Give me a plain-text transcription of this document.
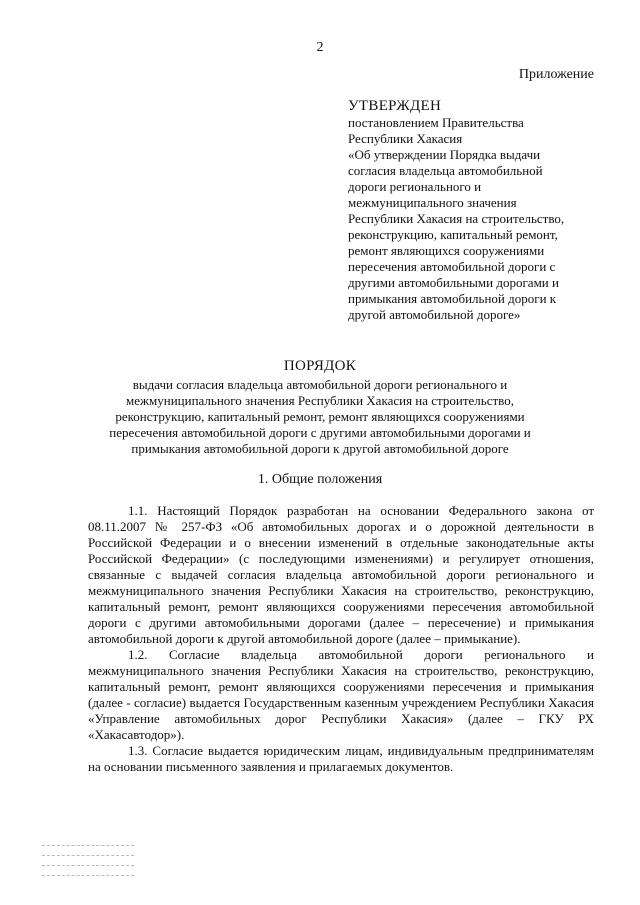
2
Приложение
УТВЕРЖДЕН
постановлением Правительства
Республики Хакасия
«Об утверждении Порядка выдачи
согласия владельца автомобильной
дороги регионального и
межмуниципального значения
Республики Хакасия на строительство,
реконструкцию, капитальный ремонт,
ремонт являющихся сооружениями
пересечения автомобильной дороги с
другими автомобильными дорогами и
примыкания автомобильной дороги к
другой автомобильной дороге»
ПОРЯДОК
выдачи согласия владельца автомобильной дороги регионального и
межмуниципального значения Республики Хакасия на строительство,
реконструкцию, капитальный ремонт, ремонт являющихся сооружениями
пересечения автомобильной дороги с другими автомобильными дорогами и
примыкания автомобильной дороги к другой автомобильной дороге
1. Общие положения

1.1. Настоящий Порядок разработан на основании Федерального закона от 08.11.2007 № 257-ФЗ «Об автомобильных дорогах и о дорожной деятельности в Российской Федерации и о внесении изменений в отдельные законодательные акты Российской Федерации» (с последующими изменениями) и регулирует отношения, связанные с выдачей согласия владельца автомобильной дороги регионального и межмуниципального значения Республики Хакасия на строительство, реконструкцию, капитальный ремонт, ремонт являющихся сооружениями пересечения автомобильной дороги с другими автомобильными дорогами (далее – пересечение) и примыкания автомобильной дороги к другой автомобильной дороге (далее – примыкание).

1.2. Согласие владельца автомобильной дороги регионального и межмуниципального значения Республики Хакасия на строительство, реконструкцию, капитальный ремонт, ремонт являющихся сооружениями пересечения и примыкания (далее - согласие) выдается Государственным казенным учреждением Республики Хакасия «Управление автомобильных дорог Республики Хакасия» (далее – ГКУ РХ «Хакасавтодор»).

1.3. Согласие выдается юридическим лицам, индивидуальным предпринимателям на основании письменного заявления и прилагаемых документов.
